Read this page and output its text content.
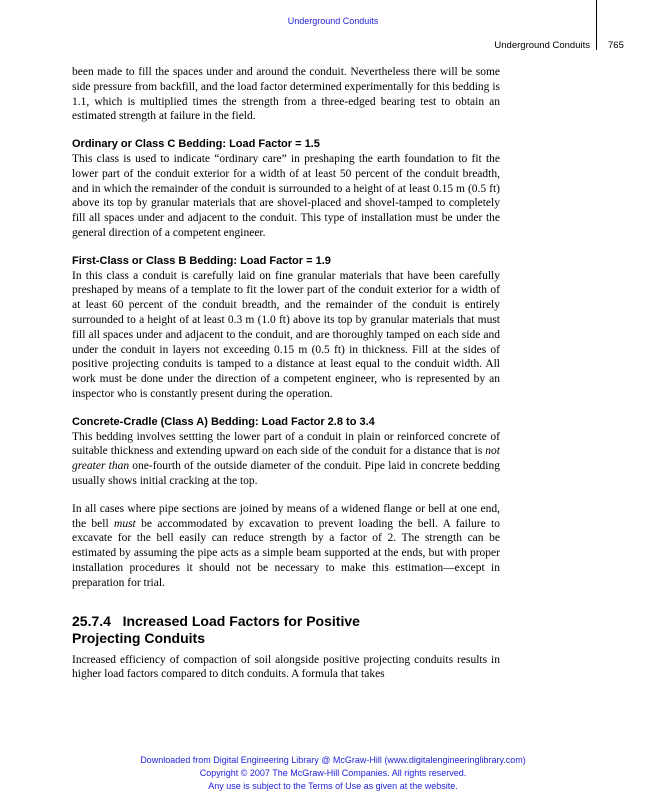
Underground Conduits
Underground Conduits 765

been made to fill the spaces under and around the conduit. Nevertheless there will be some side pressure from backfill, and the load factor determined experimentally for this bedding is 1.1, which is multiplied times the strength from a three-edged bearing test to obtain an estimated strength at failure in the field.

Ordinary or Class C Bedding: Load Factor = 1.5

This class is used to indicate “ordinary care” in preshaping the earth foundation to fit the lower part of the conduit exterior for a width of at least 50 percent of the conduit breadth, and in which the remainder of the conduit is surrounded to a height of at least 0.15 m (0.5 ft) above its top by granular materials that are shovel-placed and shovel-tamped to completely fill all spaces under and adjacent to the conduit. This type of installation must be under the general direction of a competent engineer.

First-Class or Class B Bedding: Load Factor = 1.9

In this class a conduit is carefully laid on fine granular materials that have been carefully preshaped by means of a template to fit the lower part of the conduit exterior for a width of at least 60 percent of the conduit breadth, and the remainder of the conduit is entirely surrounded to a height of at least 0.3 m (1.0 ft) above its top by granular materials that must fill all spaces under and adjacent to the conduit, and are thoroughly tamped on each side and under the conduit in layers not exceeding 0.15 m (0.5 ft) in thickness. Fill at the sides of positive projecting conduits is tamped to a distance at least equal to the conduit width. All work must be done under the direction of a competent engineer, who is represented by an inspector who is constantly present during the operation.

Concrete-Cradle (Class A) Bedding: Load Factor 2.8 to 3.4

This bedding involves settting the lower part of a conduit in plain or reinforced concrete of suitable thickness and extending upward on each side of the conduit for a distance that is not greater than one-fourth of the outside diameter of the conduit. Pipe laid in concrete bedding usually shows initial cracking at the top.

In all cases where pipe sections are joined by means of a widened flange or bell at one end, the bell must be accommodated by excavation to prevent loading the bell. A failure to excavate for the bell easily can reduce strength by a factor of 2. The strength can be estimated by assuming the pipe acts as a simple beam supported at the ends, but with proper installation procedures it should not be necessary to make this estimation—except in preparation for trial.

25.7.4 Increased Load Factors for Positive
Projecting Conduits

Increased efficiency of compaction of soil alongside positive projecting conduits results in higher load factors compared to ditch conduits. A formula that takes

Downloaded from Digital Engineering Library @ McGraw-Hill (www.digitalengineeringlibrary.com)
Copyright © 2007 The McGraw-Hill Companies. All rights reserved.
Any use is subject to the Terms of Use as given at the website.
